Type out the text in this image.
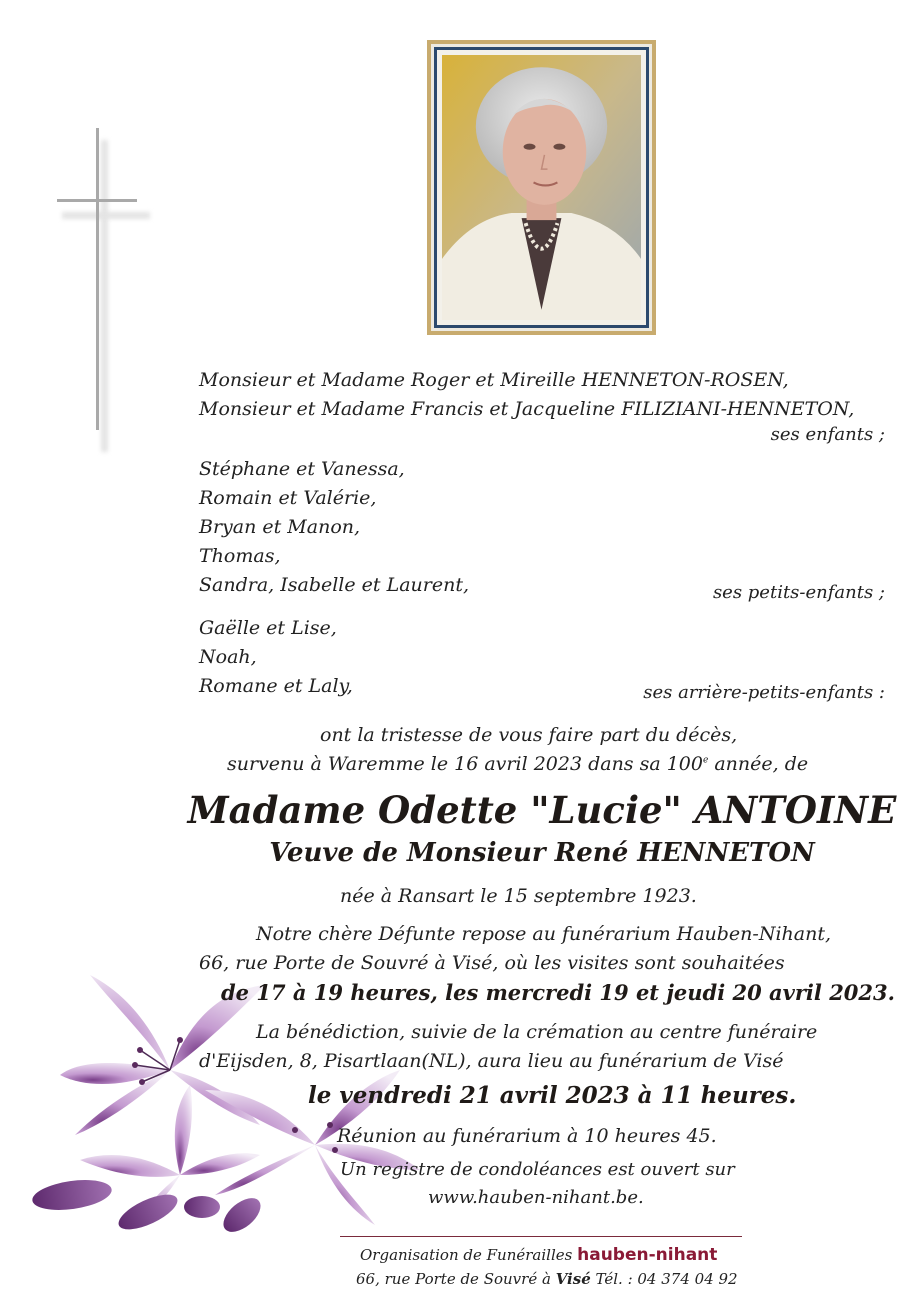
Monsieur et Madame Roger et Mireille HENNETON-ROSEN,
Monsieur et Madame Francis et Jacqueline FILIZIANI-HENNETON,
ses enfants ;
Stéphane et Vanessa,
Romain et Valérie,
Bryan et Manon,
Thomas,
Sandra, Isabelle et Laurent,	ses petits-enfants ;
Gaëlle et Lise,
Noah,
Romane et Laly,	ses arrière-petits-enfants :
ont la tristesse de vous faire part du décès,
survenu à Waremme le 16 avril 2023 dans sa 100e année, de
Madame Odette "Lucie" ANTOINE
Veuve de Monsieur René HENNETON
née à Ransart le 15 septembre 1923.
Notre chère Défunte repose au funérarium Hauben-Nihant,
66, rue Porte de Souvré à Visé, où les visites sont souhaitées
de 17 à 19 heures, les mercredi 19 et jeudi 20 avril 2023.
La bénédiction, suivie de la crémation au centre funéraire
d'Eijsden, 8, Pisartlaan(NL), aura lieu au funérarium de Visé
le vendredi 21 avril 2023 à 11 heures.
Réunion au funérarium à 10 heures 45.
Un registre de condoléances est ouvert sur
www.hauben-nihant.be.
Organisation de Funérailles hauben-nihant
66, rue Porte de Souvré à Visé Tél. : 04 374 04 92
